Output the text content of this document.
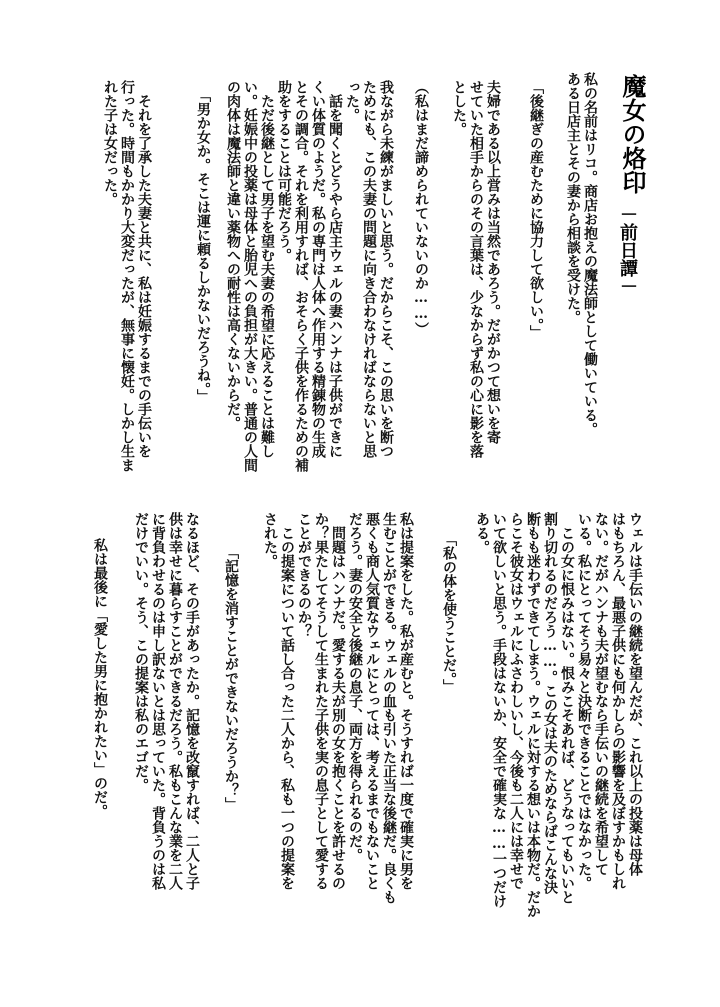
魔女の烙印
－前日譚－
私の名前はリコ。商店お抱えの魔法師として働いている。
ある日店主とその妻から相談を受けた。
「後継ぎの産むために協力して欲しい。」
夫婦である以上営みは当然であろう。だがかつて想いを寄
せていた相手からのその言葉は、少なからず私の心に影を落
とした。
（私はまだ諦められていないのか……）
我ながら未練がましいと思う。だからこそ、この思いを断つ
ためにも、この夫妻の問題に向き合わなければならないと思
った。
　話を聞くとどうやら店主ウェルの妻ハンナは子供ができに
くい体質のようだ。私の専門は人体へ作用する精錬物の生成
とその調合。それを利用すれば、おそらく子供を作るための補
助をすることは可能だろう。
　ただ後継として男子を望む夫妻の希望に応えることは難し
い。妊娠中の投薬は母体と胎児への負担が大きい。普通の人間
の肉体は魔法師と違い薬物への耐性は高くないからだ。
「男か女か。そこは運に頼るしかないだろうね。」
　それを了承した夫妻と共に、私は妊娠するまでの手伝いを
行った。時間もかかり大変だったが、無事に懐妊。しかし生ま
れた子は女だった。
ウェルは手伝いの継続を望んだが、これ以上の投薬は母体
はもちろん、最悪子供にも何かしらの影響を及ぼすかもしれ
ない。だがハンナも夫が望むなら手伝いの継続を希望して
いる。私にとってそう易々と決断できることではなかった。
　この女に恨みはない。恨みこそあれば、どうなってもいいと
割り切れるのだろう……。この女は夫のためならばこんな決
断もも迷わずできてしまう。ウェルに対する想いは本物だ。だか
らこそ彼女はウェルにふさわしいし、今後も二人には幸せで
いて欲しいと思う。手段はないか、安全で確実な……一つだけ
ある。
「私の体を使うことだ。」
私は提案をした。私が産むと。そうすれば一度で確実に男を
生むことができる。ウェルの血も引いた正当な後継だ。良くも
悪くも商人気質なウェルにとっては、考えるまでもないこと
だろう。妻の安全と後継の息子、両方を得られるのだ。
　問題はハンナだ。愛する夫が別の女を抱くことを許せるの
か？果たしてそうして生まれた子供を実の息子として愛する
ことができるのか？
　この提案について話し合った二人から、私も一つの提案を
された。
「記憶を消すことができないだろうか？」
なるほど、その手があったか。記憶を改竄すれば、二人と子
供は幸せに暮らすことができるだろう。私もこんな業を二人
に背負わせるのは申し訳ないとは思っていた。背負うのは私
だけでいい。そう、この提案は私のエゴだ。
私は最後に「愛した男に抱かれたい」のだ。
